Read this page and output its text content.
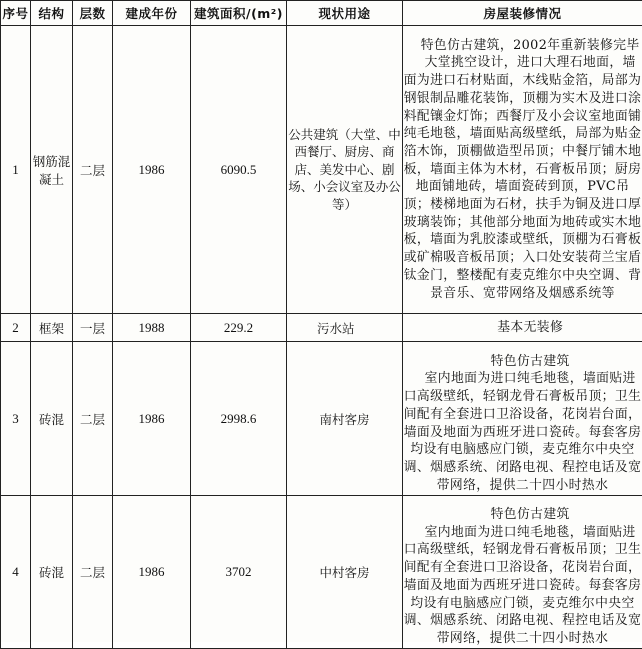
序号	结构	层数	建成年份	建筑面积/(m²)	现状用途	房屋装修情况
1	钢筋混凝土	二层	1986	6090.5	公共建筑（大堂、中西餐厅、厨房、商店、美发中心、剧场、小会议室及办公等）	特色仿古建筑，2002年重新装修完毕
大堂挑空设计，进口大理石地面，墙面为进口石材贴面，木线贴金箔，局部为钢银制品雕花装饰，顶棚为实木及进口涂料配镶金灯饰；西餐厅及小会议室地面铺纯毛地毯，墙面贴高级壁纸，局部为贴金箔木饰，顶棚做造型吊顶；中餐厅铺木地板，墙面主体为木材，石膏板吊顶；厨房地面铺地砖，墙面瓷砖到顶，PVC吊顶；楼梯地面为石材，扶手为铜及进口厚玻璃装饰；其他部分地面为地砖或实木地板，墙面为乳胶漆或壁纸，顶棚为石膏板或矿棉吸音板吊顶；入口处安装荷兰宝盾钛金门，整楼配有麦克维尔中央空调、背景音乐、宽带网络及烟感系统等

2	框架	一层	1988	229.2	污水站	基本无装修

3	砖混	二层	1986	2998.6	南村客房	特色仿古建筑
室内地面为进口纯毛地毯，墙面贴进口高级壁纸，轻钢龙骨石膏板吊顶；卫生间配有全套进口卫浴设备，花岗岩台面，墙面及地面为西班牙进口瓷砖。每套客房均设有电脑感应门锁，麦克维尔中央空调、烟感系统、闭路电视、程控电话及宽带网络，提供二十四小时热水

4	砖混	二层	1986	3702	中村客房	特色仿古建筑
室内地面为进口纯毛地毯，墙面贴进口高级壁纸，轻钢龙骨石膏板吊顶；卫生间配有全套进口卫浴设备，花岗岩台面，墙面及地面为西班牙进口瓷砖。每套客房均设有电脑感应门锁，麦克维尔中央空调、烟感系统、闭路电视、程控电话及宽带网络，提供二十四小时热水
